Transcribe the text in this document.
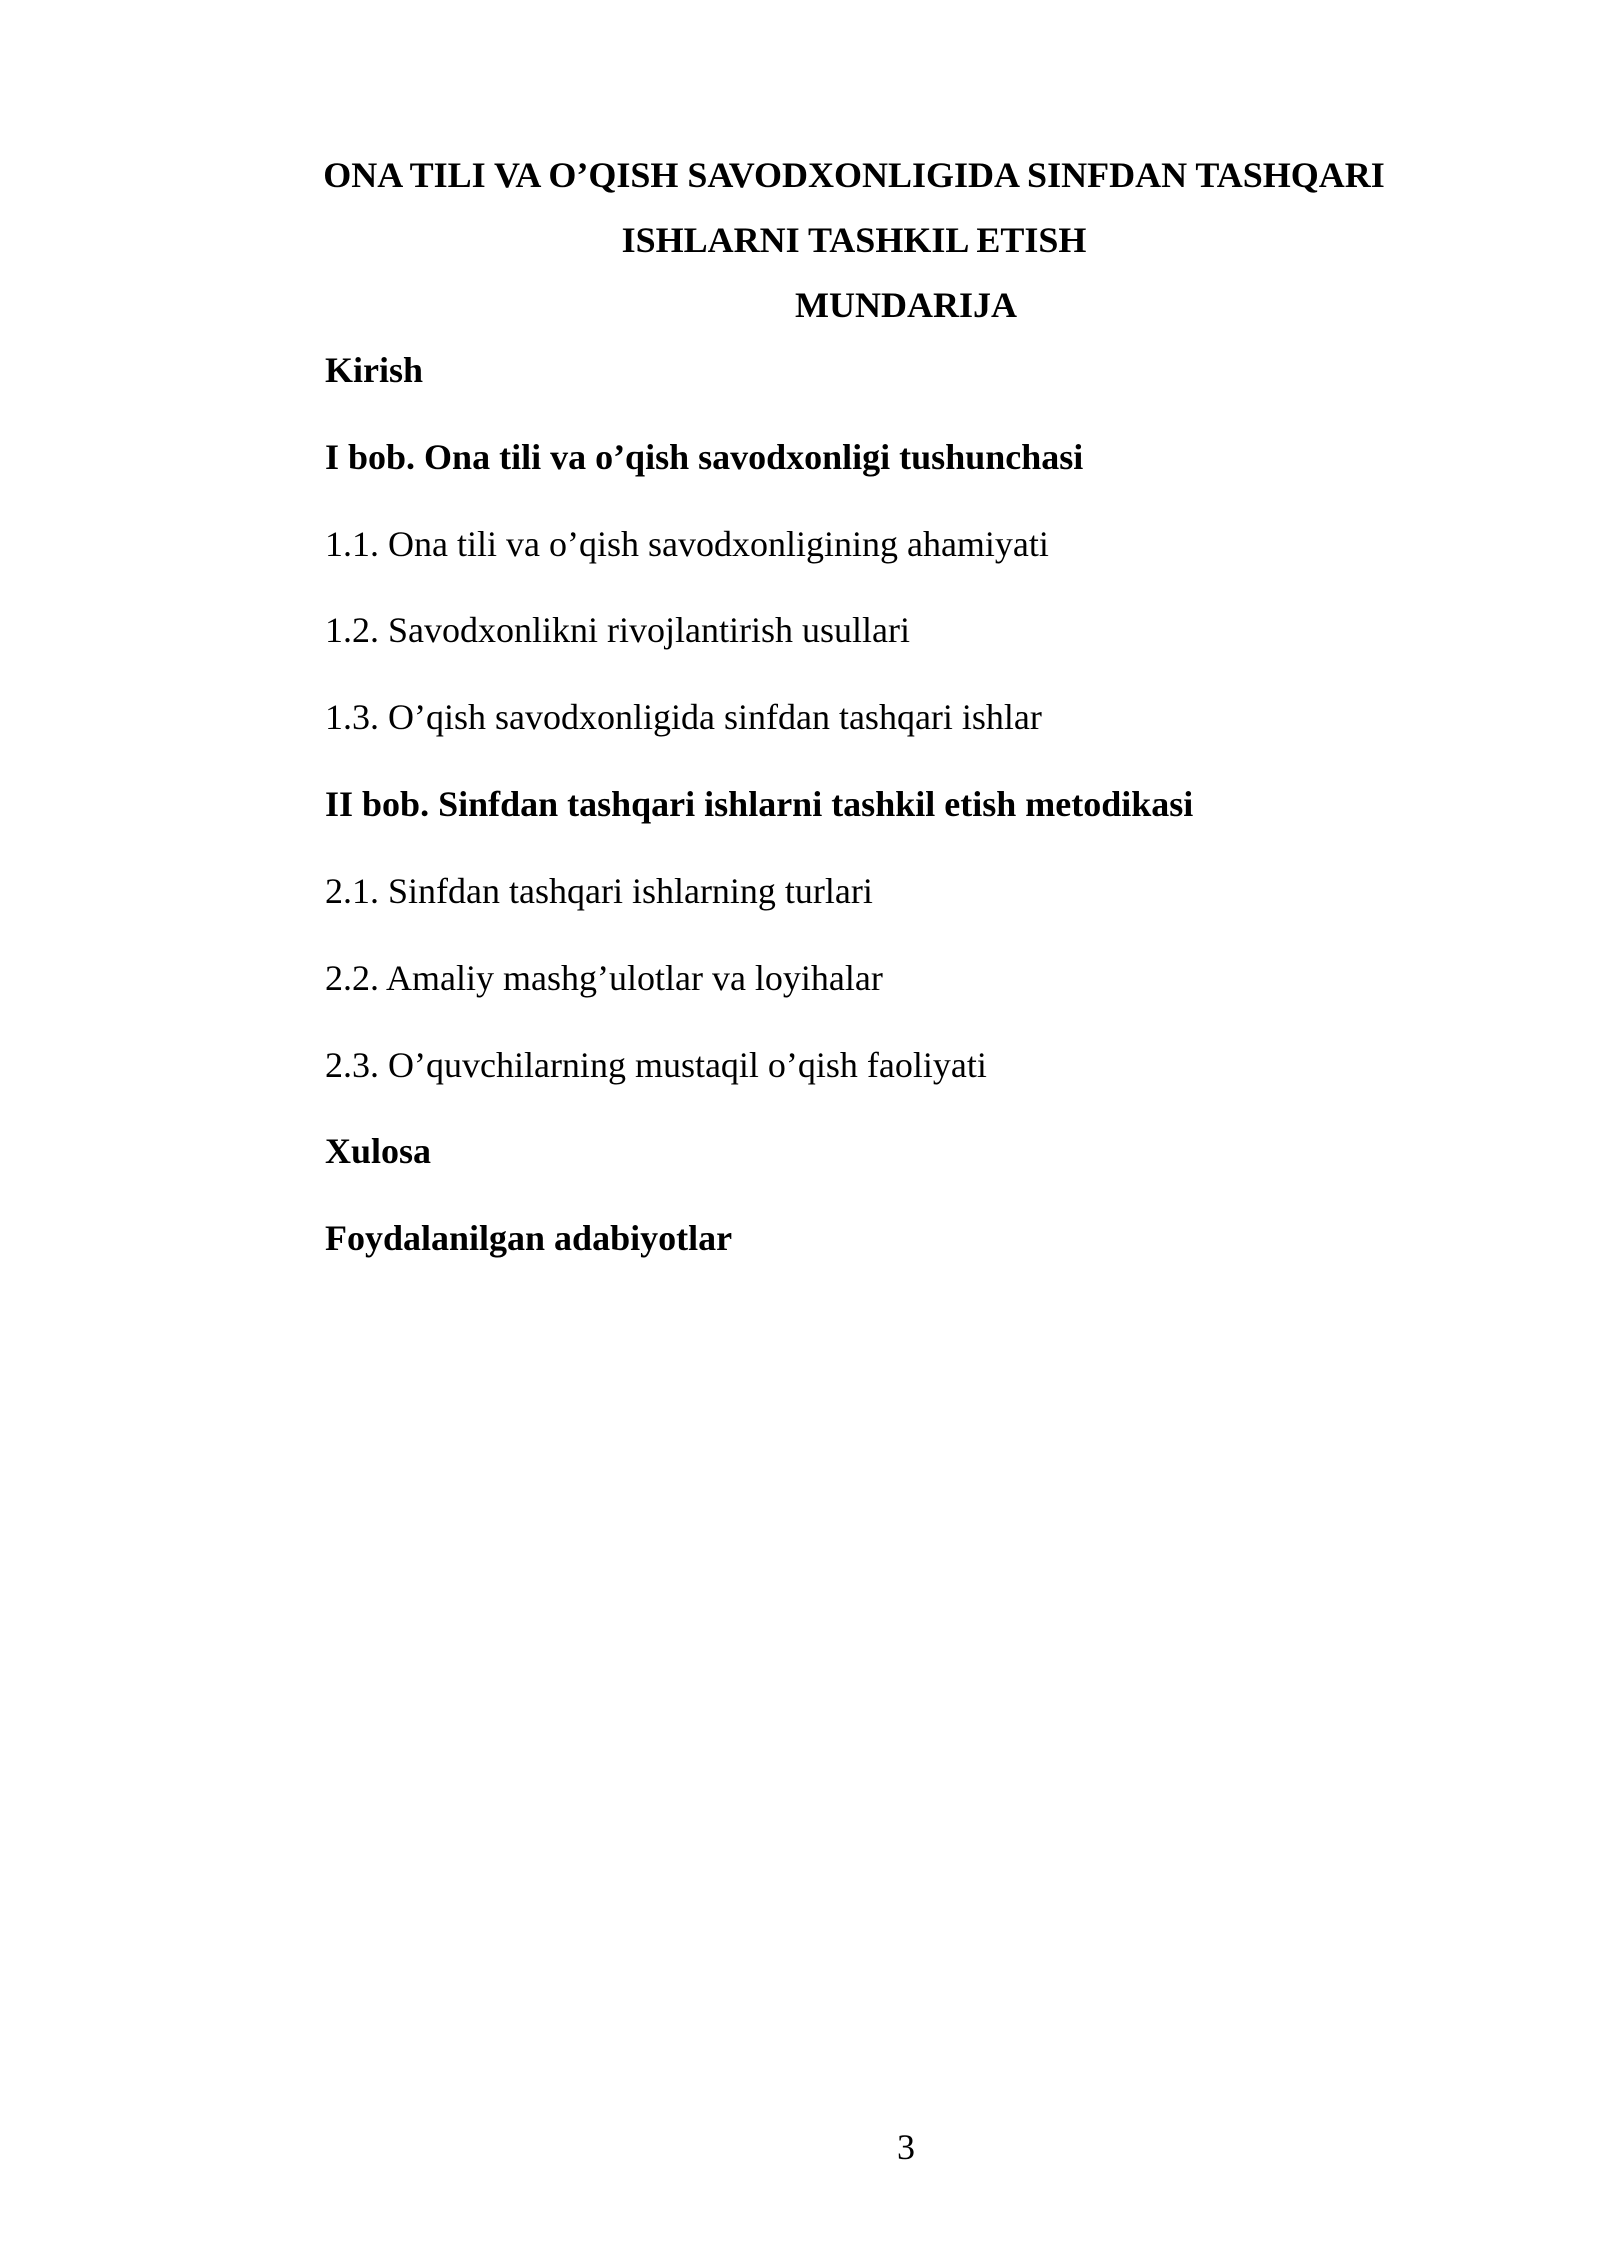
ONA TILI VA O’QISH SAVODXONLIGIDA SINFDAN TASHQARI
ISHLARNI TASHKIL ETISH
MUNDARIJA
Kirish
I bob. Ona tili va o’qish savodxonligi tushunchasi
1.1. Ona tili va o’qish savodxonligining ahamiyati
1.2. Savodxonlikni rivojlantirish usullari
1.3. O’qish savodxonligida sinfdan tashqari ishlar
II bob. Sinfdan tashqari ishlarni tashkil etish metodikasi
2.1. Sinfdan tashqari ishlarning turlari
2.2. Amaliy mashg’ulotlar va loyihalar
2.3. O’quvchilarning mustaqil o’qish faoliyati
Xulosa
Foydalanilgan adabiyotlar
3
